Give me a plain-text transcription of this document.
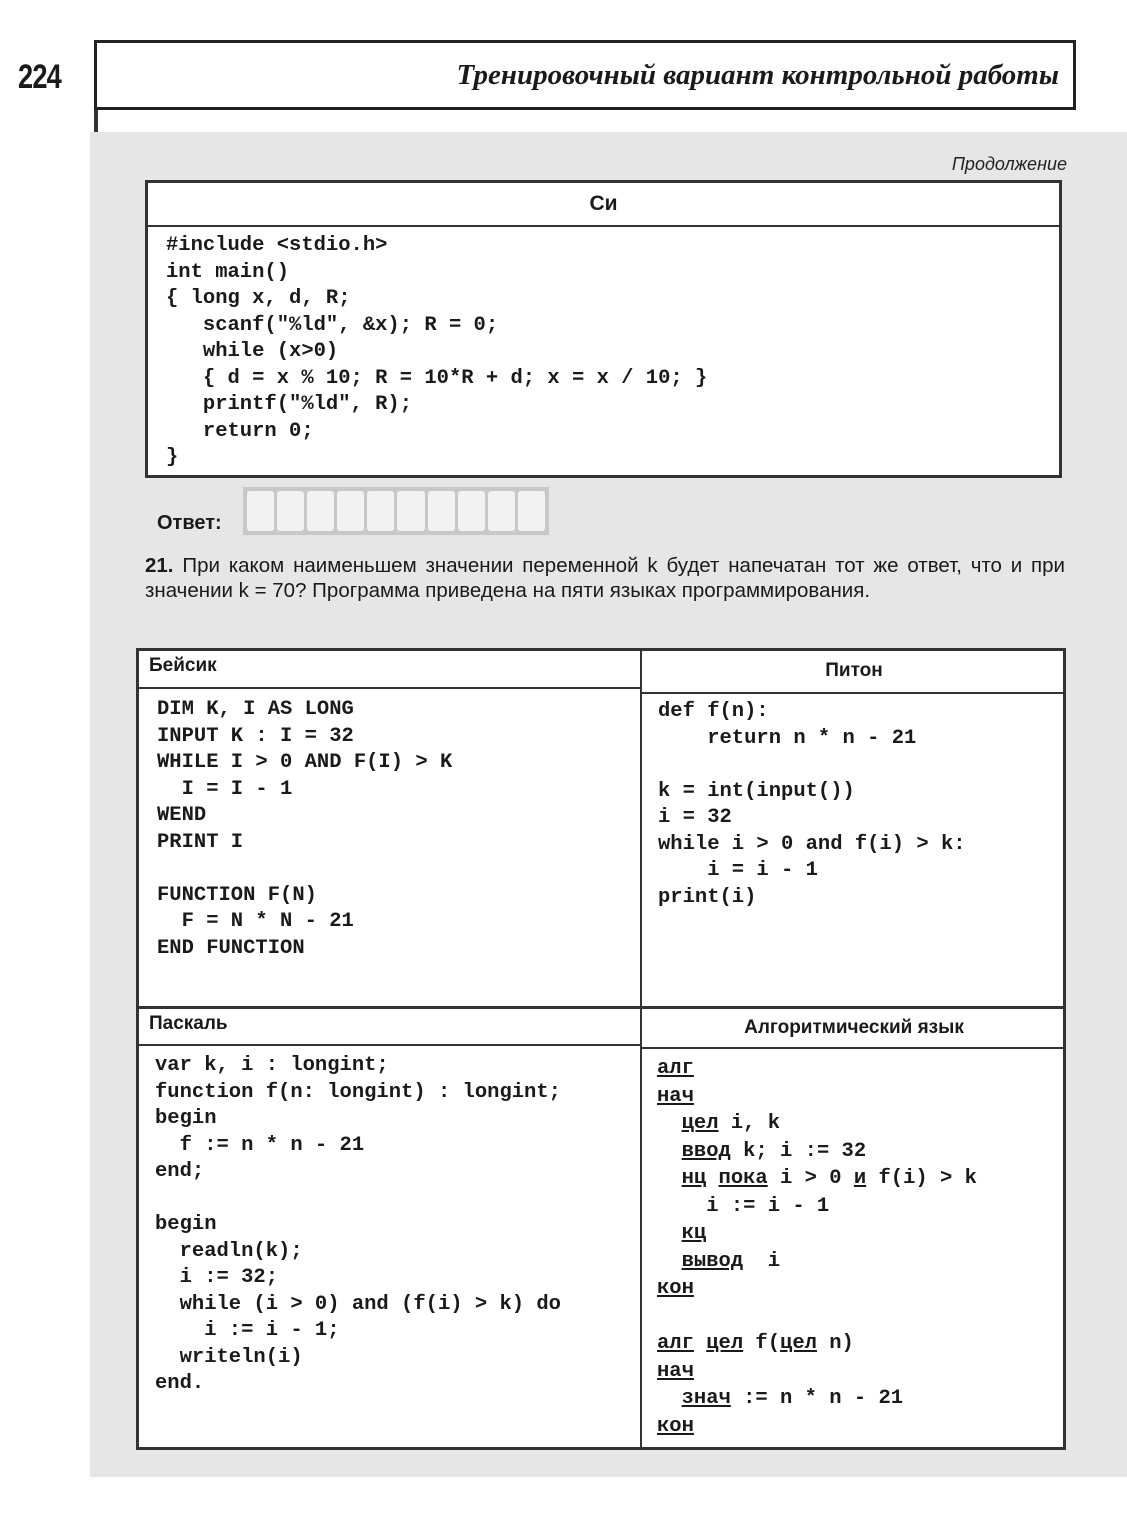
224	Тренировочный вариант контрольной работы
Продолжение
Си
#include <stdio.h>
int main()
{ long x, d, R;
scanf("%ld", &x); R = 0;
while (x>0)
{ d = x % 10; R = 10*R + d; x = x / 10; }
printf("%ld", R);
return 0;
}
Ответ:
21. При каком наименьшем значении переменной k будет напечатан тот же ответ, что и при значении k = 70? Программа приведена на пяти языках программирования.
Бейсик
DIM K, I AS LONG
INPUT K : I = 32
WHILE I > 0 AND F(I) > K
I = I - 1
WEND
PRINT I

FUNCTION F(N)
F = N * N - 21
END FUNCTION
Питон
def f(n):
return n * n - 21

k = int(input())
i = 32
while i > 0 and f(i) > k:
i = i - 1
print(i)
Паскаль
var k, i : longint;
function f(n: longint) : longint;
begin
f := n * n - 21
end;

begin
readln(k);
i := 32;
while (i > 0) and (f(i) > k) do
i := i - 1;
writeln(i)
end.
Алгоритмический язык
алг
нач
цел i, k
ввод k; i := 32
нц пока i > 0 и f(i) > k
i := i - 1
кц
вывод  i
кон

алг цел f(цел n)
нач
знач := n * n - 21
кон
